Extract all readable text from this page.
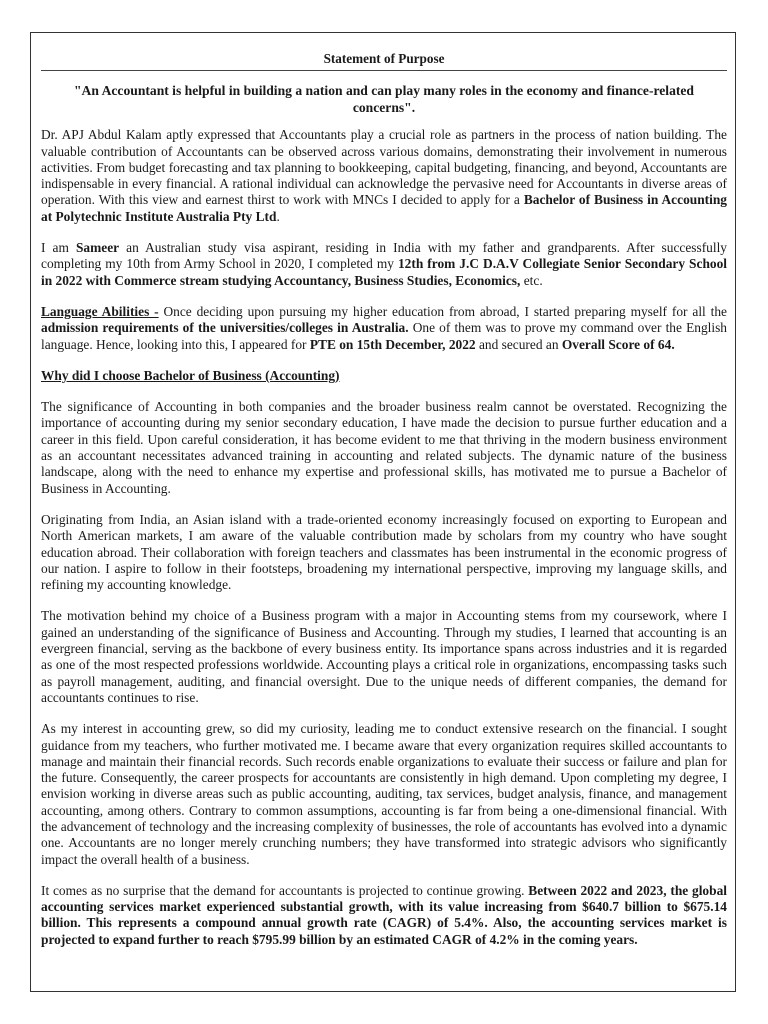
Statement of Purpose
"An Accountant is helpful in building a nation and can play many roles in the economy and finance-related concerns".

Dr. APJ Abdul Kalam aptly expressed that Accountants play a crucial role as partners in the process of nation building. The valuable contribution of Accountants can be observed across various domains, demonstrating their involvement in numerous activities. From budget forecasting and tax planning to bookkeeping, capital budgeting, financing, and beyond, Accountants are indispensable in every financial. A rational individual can acknowledge the pervasive need for Accountants in diverse areas of operation. With this view and earnest thirst to work with MNCs I decided to apply for a Bachelor of Business in Accounting at Polytechnic Institute Australia Pty Ltd.

I am Sameer an Australian study visa aspirant, residing in India with my father and grandparents. After successfully completing my 10th from Army School in 2020, I completed my 12th from J.C D.A.V Collegiate Senior Secondary School in 2022 with Commerce stream studying Accountancy, Business Studies, Economics, etc.

Language Abilities - Once deciding upon pursuing my higher education from abroad, I started preparing myself for all the admission requirements of the universities/colleges in Australia. One of them was to prove my command over the English language. Hence, looking into this, I appeared for PTE on 15th December, 2022 and secured an Overall Score of 64.

Why did I choose Bachelor of Business (Accounting)

The significance of Accounting in both companies and the broader business realm cannot be overstated. Recognizing the importance of accounting during my senior secondary education, I have made the decision to pursue further education and a career in this field. Upon careful consideration, it has become evident to me that thriving in the modern business environment as an accountant necessitates advanced training in accounting and related subjects. The dynamic nature of the business landscape, along with the need to enhance my expertise and professional skills, has motivated me to pursue a Bachelor of Business in Accounting.

Originating from India, an Asian island with a trade-oriented economy increasingly focused on exporting to European and North American markets, I am aware of the valuable contribution made by scholars from my country who have sought education abroad. Their collaboration with foreign teachers and classmates has been instrumental in the economic progress of our nation. I aspire to follow in their footsteps, broadening my international perspective, improving my language skills, and refining my accounting knowledge.

The motivation behind my choice of a Business program with a major in Accounting stems from my coursework, where I gained an understanding of the significance of Business and Accounting. Through my studies, I learned that accounting is an evergreen financial, serving as the backbone of every business entity. Its importance spans across industries and it is regarded as one of the most respected professions worldwide. Accounting plays a critical role in organizations, encompassing tasks such as payroll management, auditing, and financial oversight. Due to the unique needs of different companies, the demand for accountants continues to rise.

As my interest in accounting grew, so did my curiosity, leading me to conduct extensive research on the financial. I sought guidance from my teachers, who further motivated me. I became aware that every organization requires skilled accountants to manage and maintain their financial records. Such records enable organizations to evaluate their success or failure and plan for the future. Consequently, the career prospects for accountants are consistently in high demand. Upon completing my degree, I envision working in diverse areas such as public accounting, auditing, tax services, budget analysis, finance, and management accounting, among others. Contrary to common assumptions, accounting is far from being a one-dimensional financial. With the advancement of technology and the increasing complexity of businesses, the role of accountants has evolved into a dynamic one. Accountants are no longer merely crunching numbers; they have transformed into strategic advisors who significantly impact the overall health of a business.

It comes as no surprise that the demand for accountants is projected to continue growing. Between 2022 and 2023, the global accounting services market experienced substantial growth, with its value increasing from $640.7 billion to $675.14 billion. This represents a compound annual growth rate (CAGR) of 5.4%. Also, the accounting services market is projected to expand further to reach $795.99 billion by an estimated CAGR of 4.2% in the coming years.
